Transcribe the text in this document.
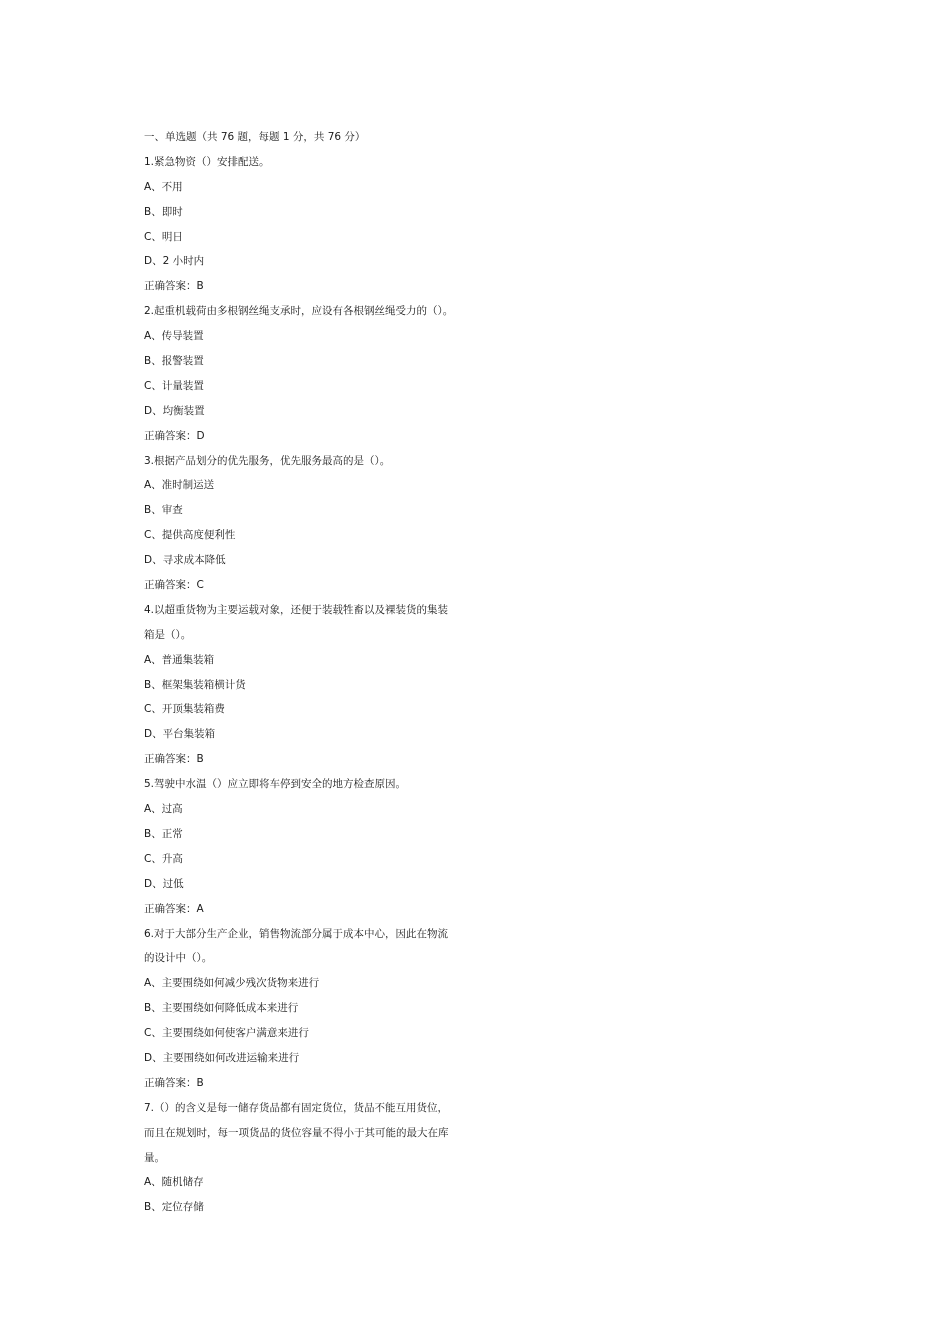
一、单选题（共 76 题，每题 1 分，共 76 分）
1.紧急物资（）安排配送。
A、不用
B、即时
C、明日
D、2 小时内
正确答案：B
2.起重机载荷由多根钢丝绳支承时，应设有各根钢丝绳受力的（）。
A、传导装置
B、报警装置
C、计量装置
D、均衡装置
正确答案：D
3.根据产品划分的优先服务，优先服务最高的是（）。
A、准时制运送
B、审查
C、提供高度便利性
D、寻求成本降低
正确答案：C
4.以超重货物为主要运载对象，还便于装载牲畜以及裸装货的集装
箱是（）。
A、普通集装箱
B、框架集装箱横计货
C、开顶集装箱费
D、平台集装箱
正确答案：B
5.驾驶中水温（）应立即将车停到安全的地方检查原因。
A、过高
B、正常
C、升高
D、过低
正确答案：A
6.对于大部分生产企业，销售物流部分属于成本中心，因此在物流
的设计中（）。
A、主要围绕如何减少残次货物来进行
B、主要围绕如何降低成本来进行
C、主要围绕如何使客户满意来进行
D、主要围绕如何改进运输来进行
正确答案：B
7.（）的含义是每一储存货品都有固定货位，货品不能互用货位，
而且在规划时，每一项货品的货位容量不得小于其可能的最大在库
量。
A、随机储存
B、定位存储
